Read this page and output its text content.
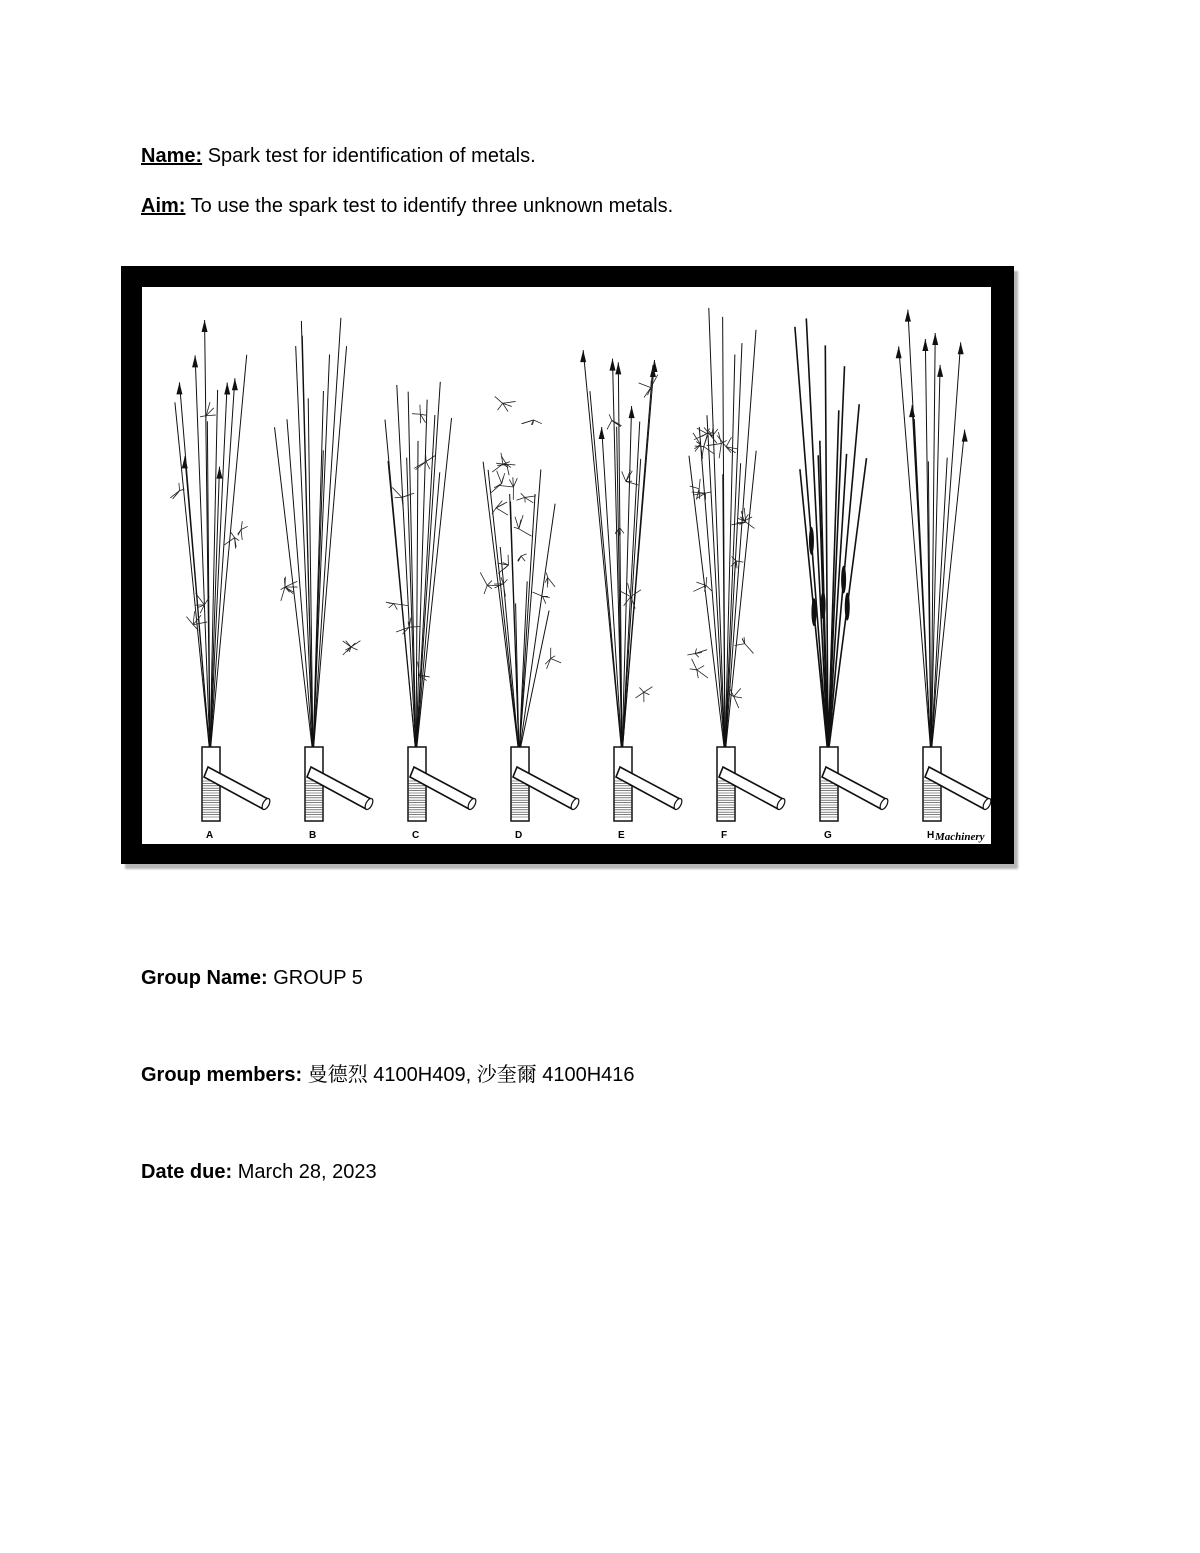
Name: Spark test for identification of metals.
Aim: To use the spark test to identify three unknown metals.
A	B	C	D	E	F	G	H Machinery
Group Name: GROUP 5
Group members: 曼德烈 4100H409, 沙奎爾 4100H416
Date due: March 28, 2023
